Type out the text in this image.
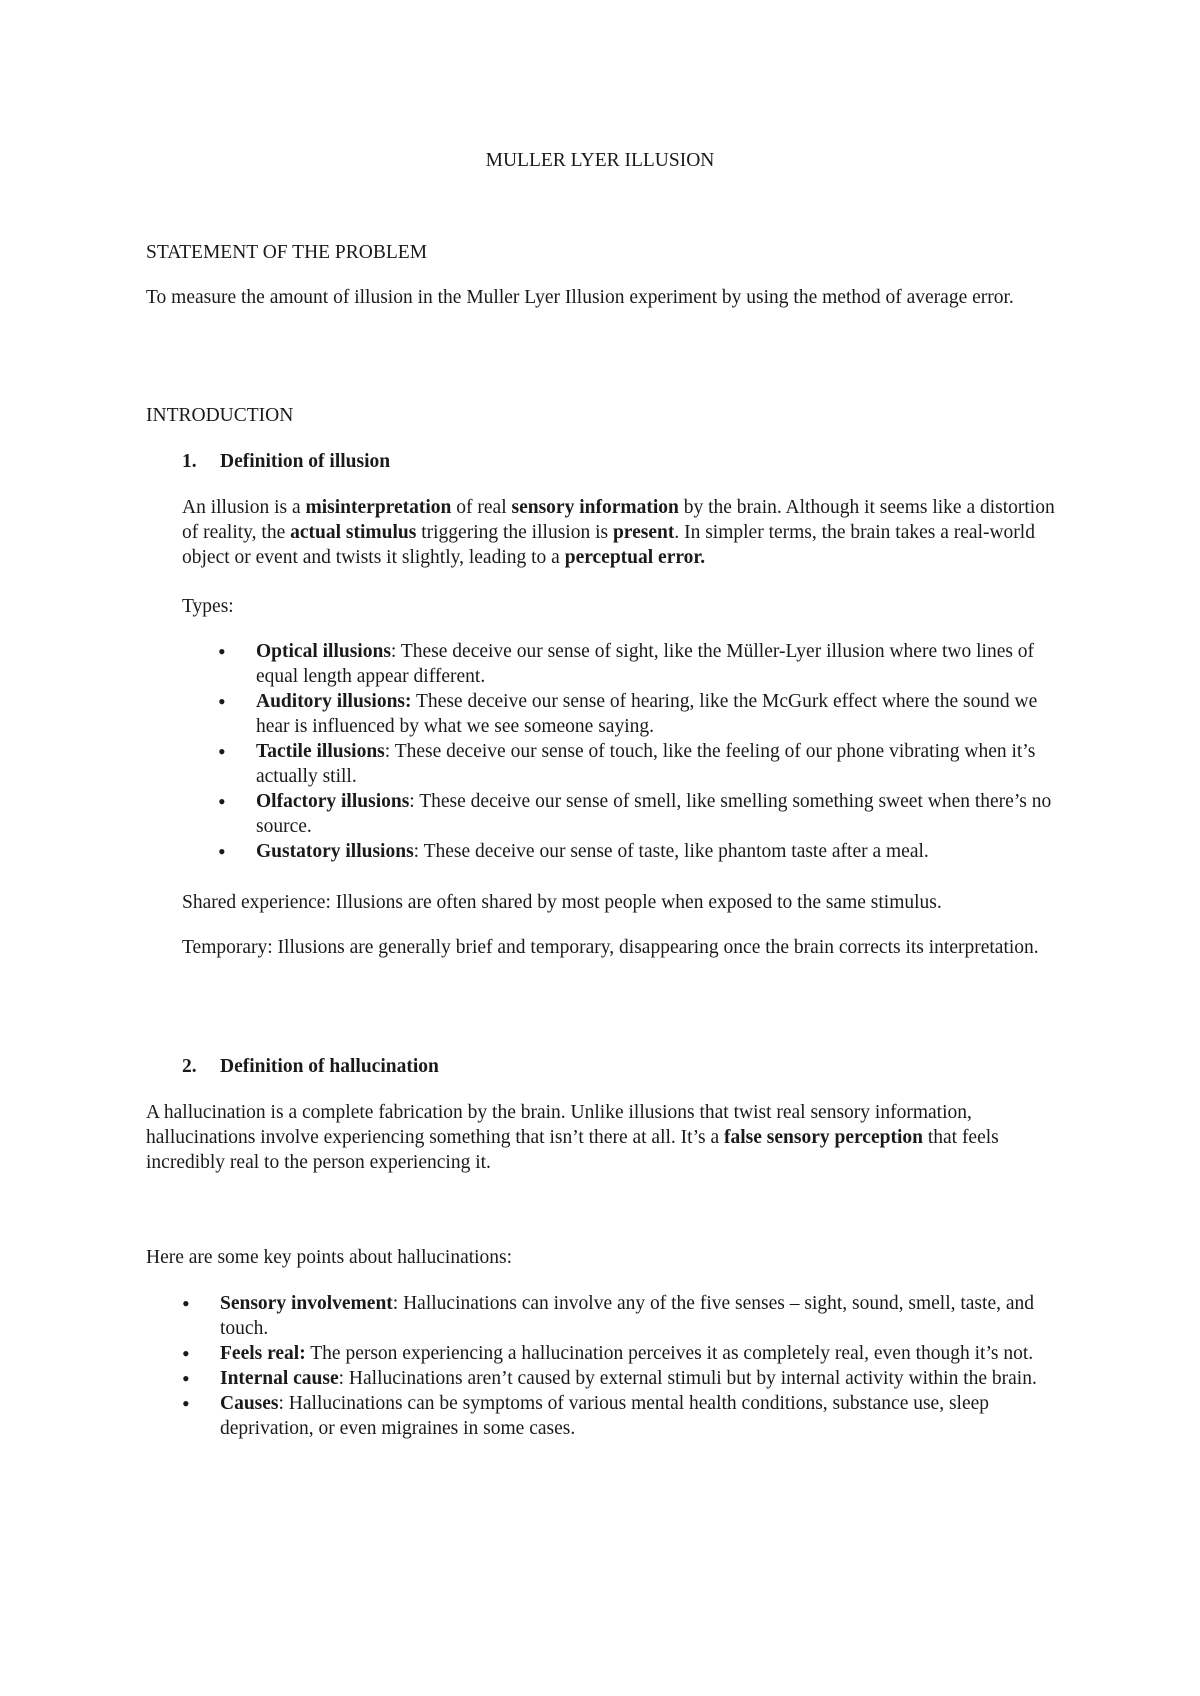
MULLER LYER ILLUSION

STATEMENT OF THE PROBLEM

To measure the amount of illusion in the Muller Lyer Illusion experiment by using the method of average error.

INTRODUCTION

1. Definition of illusion

An illusion is a misinterpretation of real sensory information by the brain. Although it seems like a distortion of reality, the actual stimulus triggering the illusion is present. In simpler terms, the brain takes a real-world object or event and twists it slightly, leading to a perceptual error.

Types:

• Optical illusions: These deceive our sense of sight, like the Müller-Lyer illusion where two lines of equal length appear different.
• Auditory illusions: These deceive our sense of hearing, like the McGurk effect where the sound we hear is influenced by what we see someone saying.
• Tactile illusions: These deceive our sense of touch, like the feeling of our phone vibrating when it’s actually still.
• Olfactory illusions: These deceive our sense of smell, like smelling something sweet when there’s no source.
• Gustatory illusions: These deceive our sense of taste, like phantom taste after a meal.

Shared experience: Illusions are often shared by most people when exposed to the same stimulus.

Temporary: Illusions are generally brief and temporary, disappearing once the brain corrects its interpretation.

2. Definition of hallucination

A hallucination is a complete fabrication by the brain. Unlike illusions that twist real sensory information, hallucinations involve experiencing something that isn’t there at all. It’s a false sensory perception that feels incredibly real to the person experiencing it.

Here are some key points about hallucinations:

• Sensory involvement: Hallucinations can involve any of the five senses – sight, sound, smell, taste, and touch.
• Feels real: The person experiencing a hallucination perceives it as completely real, even though it’s not.
• Internal cause: Hallucinations aren’t caused by external stimuli but by internal activity within the brain.
• Causes: Hallucinations can be symptoms of various mental health conditions, substance use, sleep deprivation, or even migraines in some cases.
